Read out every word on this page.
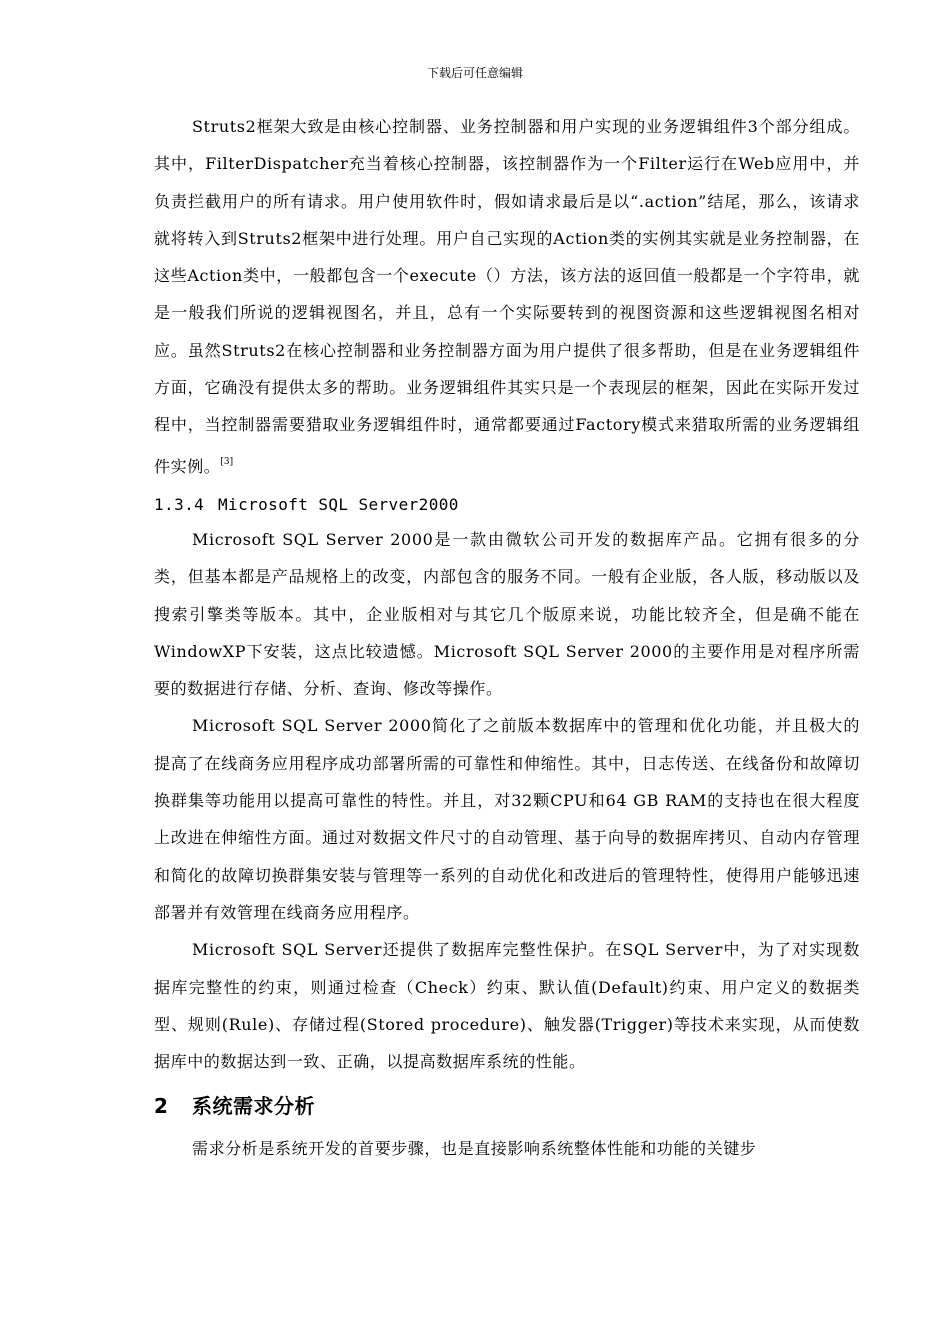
下载后可任意编辑

Struts2框架大致是由核心控制器、业务控制器和用户实现的业务逻辑组件3个部分组成。其中，FilterDispatcher充当着核心控制器，该控制器作为一个Filter运行在Web应用中，并负责拦截用户的所有请求。用户使用软件时，假如请求最后是以“.action”结尾，那么，该请求就将转入到Struts2框架中进行处理。用户自己实现的Action类的实例其实就是业务控制器，在这些Action类中，一般都包含一个execute（）方法，该方法的返回值一般都是一个字符串，就是一般我们所说的逻辑视图名，并且，总有一个实际要转到的视图资源和这些逻辑视图名相对应。虽然Struts2在核心控制器和业务控制器方面为用户提供了很多帮助，但是在业务逻辑组件方面，它确没有提供太多的帮助。业务逻辑组件其实只是一个表现层的框架，因此在实际开发过程中，当控制器需要猎取业务逻辑组件时，通常都要通过Factory模式来猎取所需的业务逻辑组件实例。[3]

1.3.4 Microsoft SQL Server2000

Microsoft SQL Server 2000是一款由微软公司开发的数据库产品。它拥有很多的分类，但基本都是产品规格上的改变，内部包含的服务不同。一般有企业版，各人版，移动版以及搜索引擎类等版本。其中，企业版相对与其它几个版原来说，功能比较齐全，但是确不能在WindowXP下安装，这点比较遗憾。Microsoft SQL Server 2000的主要作用是对程序所需要的数据进行存储、分析、查询、修改等操作。

Microsoft SQL Server 2000简化了之前版本数据库中的管理和优化功能，并且极大的提高了在线商务应用程序成功部署所需的可靠性和伸缩性。其中，日志传送、在线备份和故障切换群集等功能用以提高可靠性的特性。并且，对32颗CPU和64 GB RAM的支持也在很大程度上改进在伸缩性方面。通过对数据文件尺寸的自动管理、基于向导的数据库拷贝、自动内存管理和简化的故障切换群集安装与管理等一系列的自动优化和改进后的管理特性，使得用户能够迅速部署并有效管理在线商务应用程序。

Microsoft SQL Server还提供了数据库完整性保护。在SQL Server中，为了对实现数据库完整性的约束，则通过检查（Check）约束、默认值(Default)约束、用户定义的数据类型、规则(Rule)、存储过程(Stored procedure)、触发器(Trigger)等技术来实现，从而使数据库中的数据达到一致、正确，以提高数据库系统的性能。

2 系统需求分析

需求分析是系统开发的首要步骤，也是直接影响系统整体性能和功能的关键步
